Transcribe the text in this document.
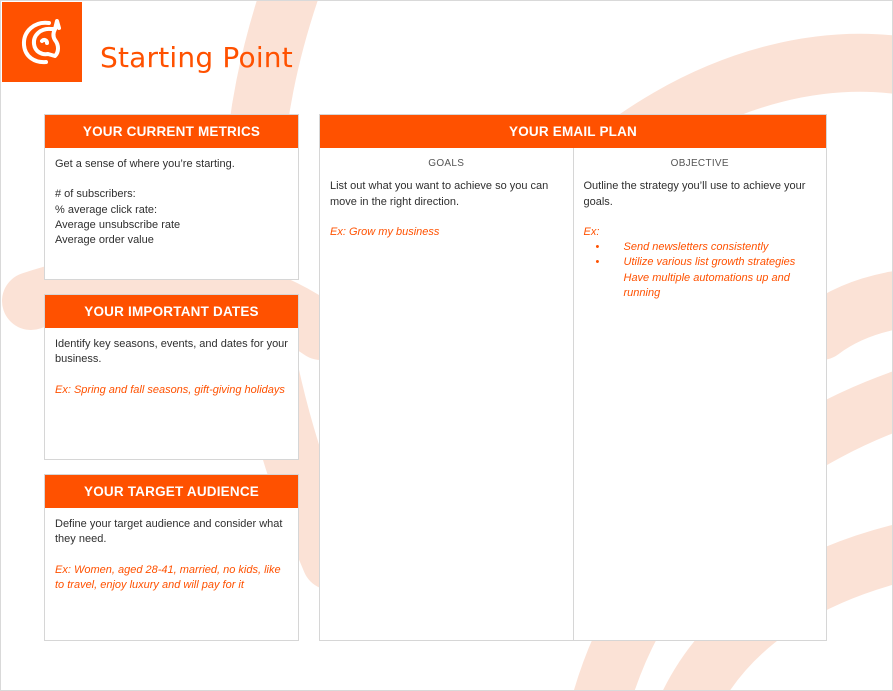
Starting Point
YOUR CURRENT METRICS
Get a sense of where you’re starting.
# of subscribers:
% average click rate:
Average unsubscribe rate
Average order value
YOUR IMPORTANT DATES
Identify key seasons, events, and dates for your business.
Ex: Spring and fall seasons, gift-giving holidays
YOUR TARGET AUDIENCE
Define your target audience and consider what they need.
Ex: Women, aged 28-41, married, no kids, like to travel, enjoy luxury and will pay for it
YOUR EMAIL PLAN
GOALS
List out what you want to achieve so you can move in the right direction.
Ex: Grow my business
OBJECTIVE
Outline the strategy you’ll use to achieve your goals.
Ex:
• Send newsletters consistently
• Utilize various list growth strategies
Have multiple automations up and running
